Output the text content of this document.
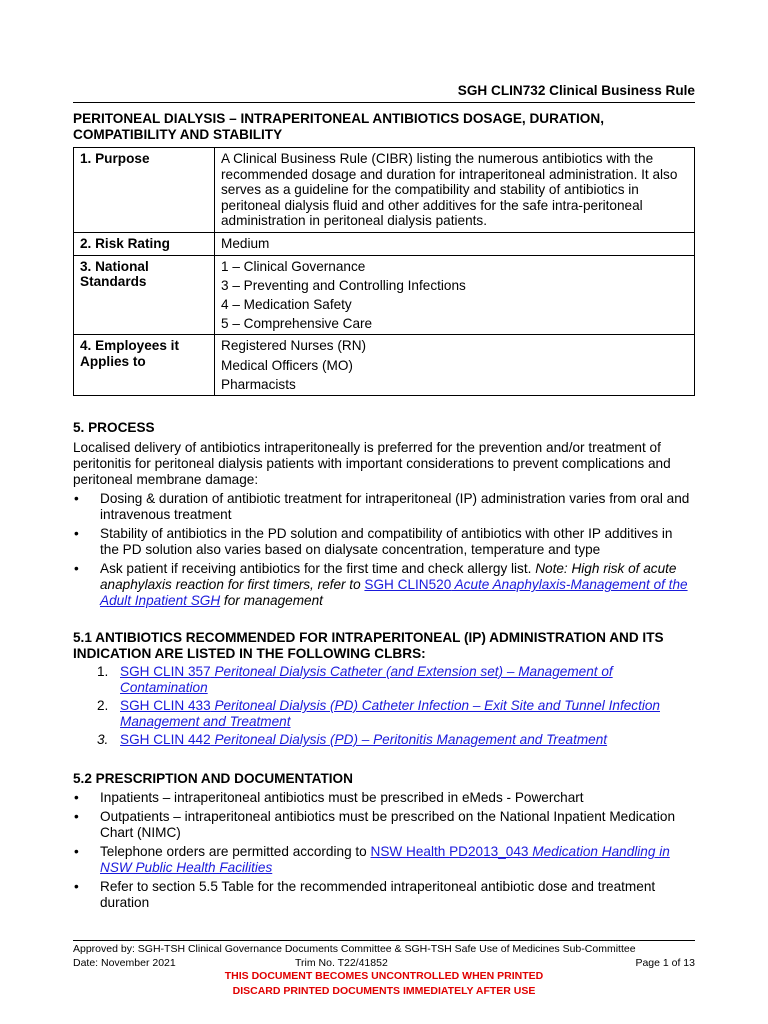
SGH CLIN732 Clinical Business Rule
PERITONEAL DIALYSIS – INTRAPERITONEAL ANTIBIOTICS DOSAGE, DURATION, COMPATIBILITY AND STABILITY
1. Purpose	A Clinical Business Rule (CIBR) listing the numerous antibiotics with the recommended dosage and duration for intraperitoneal administration. It also serves as a guideline for the compatibility and stability of antibiotics in peritoneal dialysis fluid and other additives for the safe intra-peritoneal administration in peritoneal dialysis patients.
2. Risk Rating	Medium
3. National Standards	1 – Clinical Governance
3 – Preventing and Controlling Infections
4 – Medication Safety
5 – Comprehensive Care

4. Employees it Applies to	Registered Nurses (RN)
Medical Officers (MO)
Pharmacists
5. PROCESS
Localised delivery of antibiotics intraperitoneally is preferred for the prevention and/or treatment of peritonitis for peritoneal dialysis patients with important considerations to prevent complications and peritoneal membrane damage:
• Dosing & duration of antibiotic treatment for intraperitoneal (IP) administration varies from oral and intravenous treatment
• Stability of antibiotics in the PD solution and compatibility of antibiotics with other IP additives in the PD solution also varies based on dialysate concentration, temperature and type
• Ask patient if receiving antibiotics for the first time and check allergy list. Note: High risk of acute anaphylaxis reaction for first timers, refer to SGH CLIN520 Acute Anaphylaxis-Management of the Adult Inpatient SGH for management
5.1 ANTIBIOTICS RECOMMENDED FOR INTRAPERITONEAL (IP) ADMINISTRATION AND ITS INDICATION ARE LISTED IN THE FOLLOWING CLBRS:
1. SGH CLIN 357 Peritoneal Dialysis Catheter (and Extension set) – Management of Contamination
2. SGH CLIN 433 Peritoneal Dialysis (PD) Catheter Infection – Exit Site and Tunnel Infection Management and Treatment
3. SGH CLIN 442 Peritoneal Dialysis (PD) – Peritonitis Management and Treatment
5.2 PRESCRIPTION AND DOCUMENTATION
• Inpatients – intraperitoneal antibiotics must be prescribed in eMeds - Powerchart
• Outpatients – intraperitoneal antibiotics must be prescribed on the National Inpatient Medication Chart (NIMC)
• Telephone orders are permitted according to NSW Health PD2013_043 Medication Handling in NSW Public Health Facilities
• Refer to section 5.5 Table for the recommended intraperitoneal antibiotic dose and treatment duration
Approved by: SGH-TSH Clinical Governance Documents Committee & SGH-TSH Safe Use of Medicines Sub-Committee
Date: November 2021	Trim No. T22/41852	Page 1 of 13
THIS DOCUMENT BECOMES UNCONTROLLED WHEN PRINTED
DISCARD PRINTED DOCUMENTS IMMEDIATELY AFTER USE
